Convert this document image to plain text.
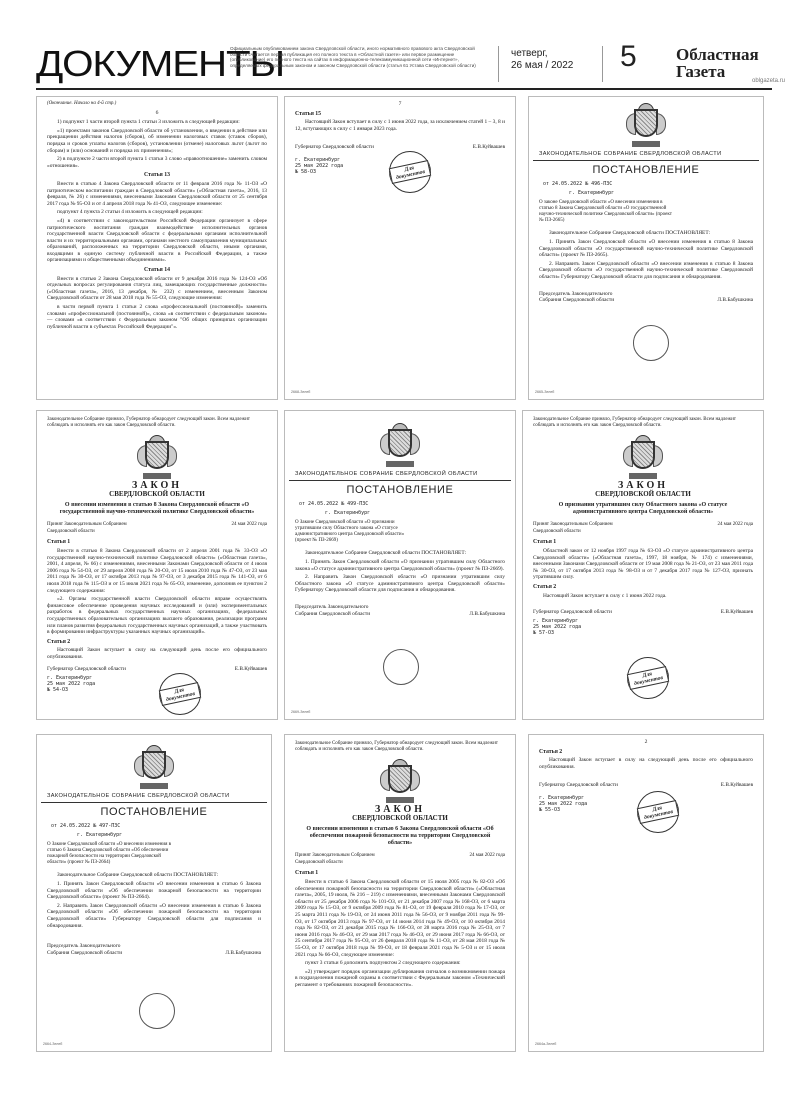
ДОКУМЕНТЫ
Официальным опубликованием закона Свердловской области, иного нормативного правового акта Свердловской области считается первая публикация его полного текста в «Областной газете» или первое размещение (опубликование) его полного текста на сайтах в информационно-телекоммуникационной сети «Интернет», определяемых федеральным законом и законом Свердловской области (статья 61 Устава Свердловской области)
четверг,
26 мая / 2022 5 Областная
Газета	oblgazeta.ru
(Окончание. Начало на 4-й стр.)
6

1) подпункт 1 части второй пункта 1 статьи 3 изложить в следующей редакции:

«1) проектами законов Свердловской области об установлении, о введении в действие или прекращении действия налогов (сборов), об изменении налоговых ставок (ставок сборов), порядка и сроков уплаты налогов (сборов), установлении (отмене) налоговых льгот (льгот по сборам) и (или) оснований и порядка их применения»;

2) в подпункте 2 части второй пункта 1 статьи 3 слово «правоотношение» заменить словом «отношения».

Статья 13

Внести в статью 4 Закона Свердловской области от 11 февраля 2016 года № 11-ОЗ «О патриотическом воспитании граждан в Свердловской области» («Областная газета», 2016, 13 февраля, № 26) с изменениями, внесенными Законами Свердловской области от 25 сентября 2017 года № 95-ОЗ и от 4 апреля 2018 года № 41-ОЗ, следующее изменение:

подпункт 4 пункта 2 статьи 4 изложить в следующей редакции:

«4) в соответствии с законодательством Российской Федерации организует в сфере патриотического воспитания граждан взаимодействие исполнительных органов государственной власти Свердловской области с федеральными органами исполнительной власти и их территориальными органами, органами местного самоуправления муниципальных образований, расположенных на территории Свердловской области, иными органами, входящими в единую систему публичной власти в Российской Федерации, а также организациями и общественными объединениями».

Статья 14

Внести в статью 2 Закона Свердловской области от 9 декабря 2016 года № 124-ОЗ «Об отдельных вопросах регулирования статуса лиц, замещающих государственные должности» («Областная газета», 2016, 13 декабря, № 232) с изменением, внесенным Законом Свердловской области от 28 мая 2018 года № 55-ОЗ, следующие изменения:

в части первой пункта 1 статьи 2 слова «профессиональной (постоянной)» заменить словами «профессиональной (постоянной)», слова «в соответствии с федеральным законом» — словами «в соответствии с Федеральным законом "Об общих принципах организации публичной власти в субъектах Российской Федерации"».

7
Статья 15

Настоящий Закон вступает в силу с 1 июня 2022 года, за исключением статей 1 – 3, 8 и 12, вступающих в силу с 1 января 2023 года.

Губернатор Свердловской области	Е.В.Куйвашев
г. Екатеринбург
25 мая 2022 года
№ 58-ОЗ	Для документов
2668-Зелеб
ЗАКОНОДАТЕЛЬНОЕ СОБРАНИЕ СВЕРДЛОВСКОЙ ОБЛАСТИ
ПОСТАНОВЛЕНИЕ
от 24.05.2022 № 496-ПЗС
г. Екатеринбург
О законе Свердловской области «О внесении изменения в статью 8 Закона Свердловской области «О государственной научно-технической политике Свердловской области» (проект № ПЗ-2665)

Законодательное Собрание Свердловской области ПОСТАНОВЛЯЕТ:

1. Принять Закон Свердловской области «О внесении изменения в статью 8 Закона Свердловской области «О государственной научно-технической политике Свердловской области» (проект № ПЗ-2665).

2. Направить Закон Свердловской области «О внесении изменения в статью 8 Закона Свердловской области «О государственной научно-технической политике Свердловской области» Губернатору Свердловской области для подписания и обнародования.

Председатель Законодательного Собрания Свердловской области	Л.В.Бабушкина
2665-Зелеб
Законодательное Собрание приняло, Губернатор обнародует следующий закон. Всем надлежит соблюдать и исполнять его как закон Свердловской области.
ЗАКОН
СВЕРДЛОВСКОЙ ОБЛАСТИ
О внесении изменения в статью 8 Закона Свердловской области «О государственной научно-технической политике Свердловской области»
Принят Законодательным Собранием Свердловской области
24 мая 2022 года
Статья 1

Внести в статью 8 Закона Свердловской области от 2 апреля 2001 года № 33-ОЗ «О государственной научно-технической политике Свердловской области» («Областная газета», 2001, 4 апреля, № 66) с изменениями, внесенными Законами Свердловской области от 4 июля 2006 года № 54-ОЗ, от 29 апреля 2008 года № 20-ОЗ, от 15 июля 2010 года № 47-ОЗ, от 23 мая 2011 года № 30-ОЗ, от 17 октября 2013 года № 97-ОЗ, от 3 декабря 2015 года № 141-ОЗ, от 6 июля 2018 года № 115-ОЗ и от 15 июля 2021 года № 65-ОЗ, изменение, дополнив ее пунктом 2 следующего содержания:

«2. Органы государственной власти Свердловской области вправе осуществлять финансовое обеспечение проведения научных исследований и (или) экспериментальных разработок в федеральных государственных научных организациях, федеральных государственных образовательных организациях высшего образования, реализации программ или планов развития федеральных государственных научных организаций, а также участвовать в формировании инфраструктуры указанных научных организаций».

Статья 2

Настоящий Закон вступает в силу на следующий день после его официального опубликования.

Губернатор Свердловской области	Е.В.Куйвашев
г. Екатеринбург
25 мая 2022 года
№ 54-ОЗ	Для документов
ЗАКОНОДАТЕЛЬНОЕ СОБРАНИЕ СВЕРДЛОВСКОЙ ОБЛАСТИ
ПОСТАНОВЛЕНИЕ
от 24.05.2022 № 499-ПЗС
г. Екатеринбург
О Законе Свердловской области «О признании утратившим силу Областного закона «О статусе административного центра Свердловской области» (проект № ПЗ-2669)

Законодательное Собрание Свердловской области ПОСТАНОВЛЯЕТ:

1. Принять Закон Свердловской области «О признании утратившим силу Областного закона «О статусе административного центра Свердловской области» (проект № ПЗ-2669).

2. Направить Закон Свердловской области «О признании утратившим силу Областного закона «О статусе административного центра Свердловской области» Губернатору Свердловской области для подписания и обнародования.

Председатель Законодательного Собрания Свердловской области	Л.В.Бабушкина
2669-Зелеб
Законодательное Собрание приняло, Губернатор обнародует следующий закон. Всем надлежит соблюдать и исполнять его как закон Свердловской области.
ЗАКОН
СВЕРДЛОВСКОЙ ОБЛАСТИ
О признании утратившим силу Областного закона «О статусе административного центра Свердловской области»
Принят Законодательным Собранием Свердловской области
24 мая 2022 года
Статья 1

Областной закон от 12 ноября 1997 года № 63-ОЗ «О статусе административного центра Свердловской области» («Областная газета», 1997, 18 ноября, № 174) с изменениями, внесенными Законами Свердловской области от 19 мая 2008 года № 21-ОЗ, от 23 мая 2011 года № 30-ОЗ, от 17 октября 2013 года № 98-ОЗ и от 7 декабря 2017 года № 127-ОЗ, признать утратившим силу.

Статья 2

Настоящий Закон вступает в силу с 1 июня 2022 года.

Губернатор Свердловской области	Е.В.Куйвашев
г. Екатеринбург
25 мая 2022 года
№ 57-ОЗ
Для документов
ЗАКОНОДАТЕЛЬНОЕ СОБРАНИЕ СВЕРДЛОВСКОЙ ОБЛАСТИ
ПОСТАНОВЛЕНИЕ
от 24.05.2022 № 497-ПЗС
г. Екатеринбург
О Законе Свердловской области «О внесении изменения в статью 6 Закона Свердловской области «Об обеспечении пожарной безопасности на территории Свердловской области» (проект № ПЗ-2664)

Законодательное Собрание Свердловской области ПОСТАНОВЛЯЕТ:

1. Принять Закон Свердловской области «О внесении изменения в статью 6 Закона Свердловской области «Об обеспечении пожарной безопасности на территории Свердловской области» (проект № ПЗ-2664).

2. Направить Закон Свердловской области «О внесении изменения в статью 6 Закона Свердловской области «Об обеспечении пожарной безопасности на территории Свердловской области» Губернатору Свердловской области для подписания и обнародования.

Председатель Законодательного Собрания Свердловской области	Л.В.Бабушкина
2664-Зелеб
Законодательное Собрание приняло, Губернатор обнародует следующий закон. Всем надлежит соблюдать и исполнять его как закон Свердловской области.
ЗАКОН
СВЕРДЛОВСКОЙ ОБЛАСТИ
О внесении изменения в статью 6 Закона Свердловской области «Об обеспечении пожарной безопасности на территории Свердловской области»
Принят Законодательным Собранием Свердловской области
24 мая 2022 года
Статья 1

Внести в статью 6 Закона Свердловской области от 15 июля 2005 года № 82-ОЗ «Об обеспечении пожарной безопасности на территории Свердловской области» («Областная газета», 2005, 19 июля, № 216 – 219) с изменениями, внесенными Законами Свердловской области от 25 декабря 2006 года № 101-ОЗ, от 21 декабря 2007 года № 168-ОЗ, от 6 марта 2009 года № 15-ОЗ, от 9 октября 2009 года № 81-ОЗ, от 19 февраля 2010 года № 17-ОЗ, от 25 марта 2011 года № 19-ОЗ, от 24 июня 2011 года № 56-ОЗ, от 9 ноября 2011 года № 99-ОЗ, от 17 октября 2013 года № 97-ОЗ, от 14 июня 2014 года № 49-ОЗ, от 10 октября 2014 года № 82-ОЗ, от 21 декабря 2015 года № 166-ОЗ, от 28 марта 2016 года № 25-ОЗ, от 7 июня 2016 года № 46-ОЗ, от 29 мая 2017 года № 46-ОЗ, от 29 июня 2017 года № 66-ОЗ, от 25 сентября 2017 года № 95-ОЗ, от 26 февраля 2018 года № 11-ОЗ, от 28 мая 2018 года № 55-ОЗ, от 17 октября 2018 года № 99-ОЗ, от 18 февраля 2021 года № 5-ОЗ и от 15 июля 2021 года № 66-ОЗ, следующее изменение:

пункт 3 статьи 6 дополнить подпунктом 2 следующего содержания:

«2) утверждает порядок организации дублирования сигналов о возникновении пожара в подразделения пожарной охраны в соответствии с Федеральным законом «Технический регламент о требованиях пожарной безопасности».

2
Статья 2

Настоящий Закон вступает в силу на следующий день после его официального опубликования.

Губернатор Свердловской области	Е.В.Куйвашев
г. Екатеринбург
25 мая 2022 года
№ 55-ОЗ	Для документов
2664а-Зелеб
